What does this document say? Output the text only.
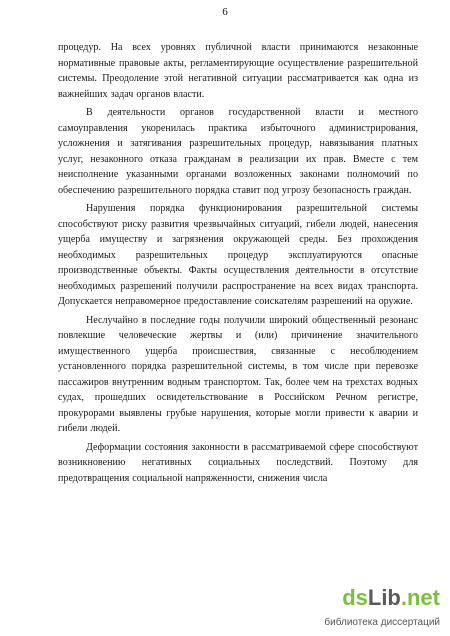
6

процедур. На всех уровнях публичной власти принимаются незаконные нормативные правовые акты, регламентирующие осуществление разрешительной системы. Преодоление этой негативной ситуации рассматривается как одна из важнейших задач органов власти.

В деятельности органов государственной власти и местного самоуправления укоренилась практика избыточного администрирования, усложнения и затягивания разрешительных процедур, навязывания платных услуг, незаконного отказа гражданам в реализации их прав. Вместе с тем неисполнение указанными органами возложенных законами полномочий по обеспечению разрешительного порядка ставит под угрозу безопасность граждан.

Нарушения порядка функционирования разрешительной системы способствуют риску развития чрезвычайных ситуаций, гибели людей, нанесения ущерба имуществу и загрязнения окружающей среды. Без прохождения необходимых разрешительных процедур эксплуатируются опасные производственные объекты. Факты осуществления деятельности в отсутствие необходимых разрешений получили распространение на всех видах транспорта. Допускается неправомерное предоставление соискателям разрешений на оружие.

Неслучайно в последние годы получили широкий общественный резонанс повлекшие человеческие жертвы и (или) причинение значительного имущественного ущерба происшествия, связанные с несоблюдением установленного порядка разрешительной системы, в том числе при перевозке пассажиров внутренним водным транспортом. Так, более чем на трехстах водных судах, прошедших освидетельствование в Российском Речном регистре, прокурорами выявлены грубые нарушения, которые могли привести к аварии и гибели людей.

Деформации состояния законности в рассматриваемой сфере способствуют возникновению негативных социальных последствий. Поэтому для предотвращения социальной напряженности, снижения числа

ds Lib .net
библиотека диссертаций
